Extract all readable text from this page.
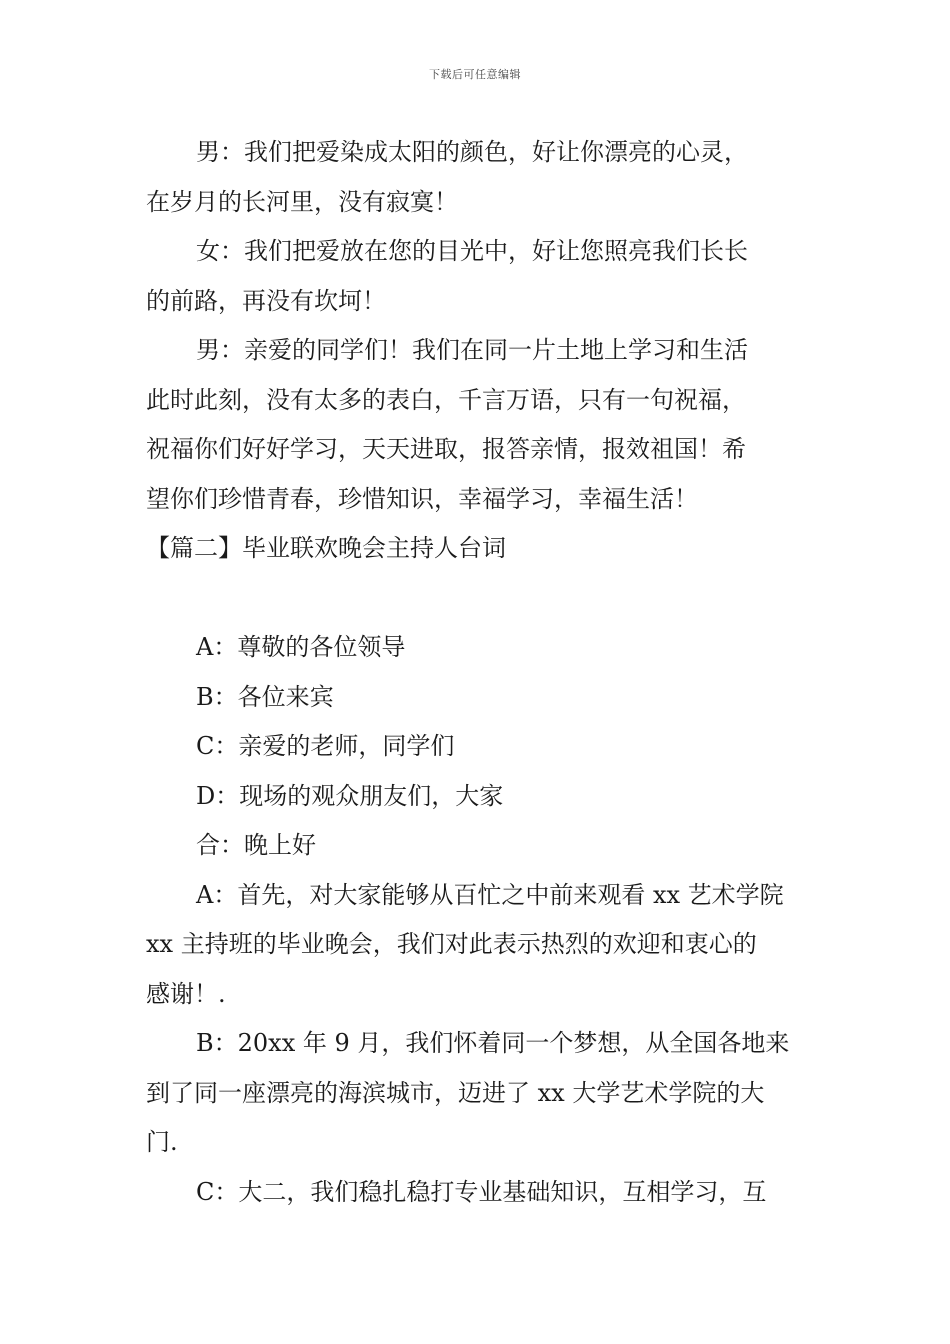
下载后可任意编辑
男：我们把爱染成太阳的颜色，好让你漂亮的心灵，
在岁月的长河里，没有寂寞！
女：我们把爱放在您的目光中，好让您照亮我们长长
的前路，再没有坎坷！
男：亲爱的同学们！我们在同一片土地上学习和生活
此时此刻，没有太多的表白，千言万语，只有一句祝福，
祝福你们好好学习，天天进取，报答亲情，报效祖国！希
望你们珍惜青春，珍惜知识，幸福学习，幸福生活！
【篇二】毕业联欢晚会主持人台词
A：尊敬的各位领导
B：各位来宾
C：亲爱的老师，同学们
D：现场的观众朋友们，大家
合：晚上好
A：首先，对大家能够从百忙之中前来观看 xx 艺术学院
xx 主持班的毕业晚会，我们对此表示热烈的欢迎和衷心的
感谢！.
B：20xx 年 9 月，我们怀着同一个梦想，从全国各地来
到了同一座漂亮的海滨城市，迈进了 xx 大学艺术学院的大
门.
C：大二，我们稳扎稳打专业基础知识，互相学习，互
